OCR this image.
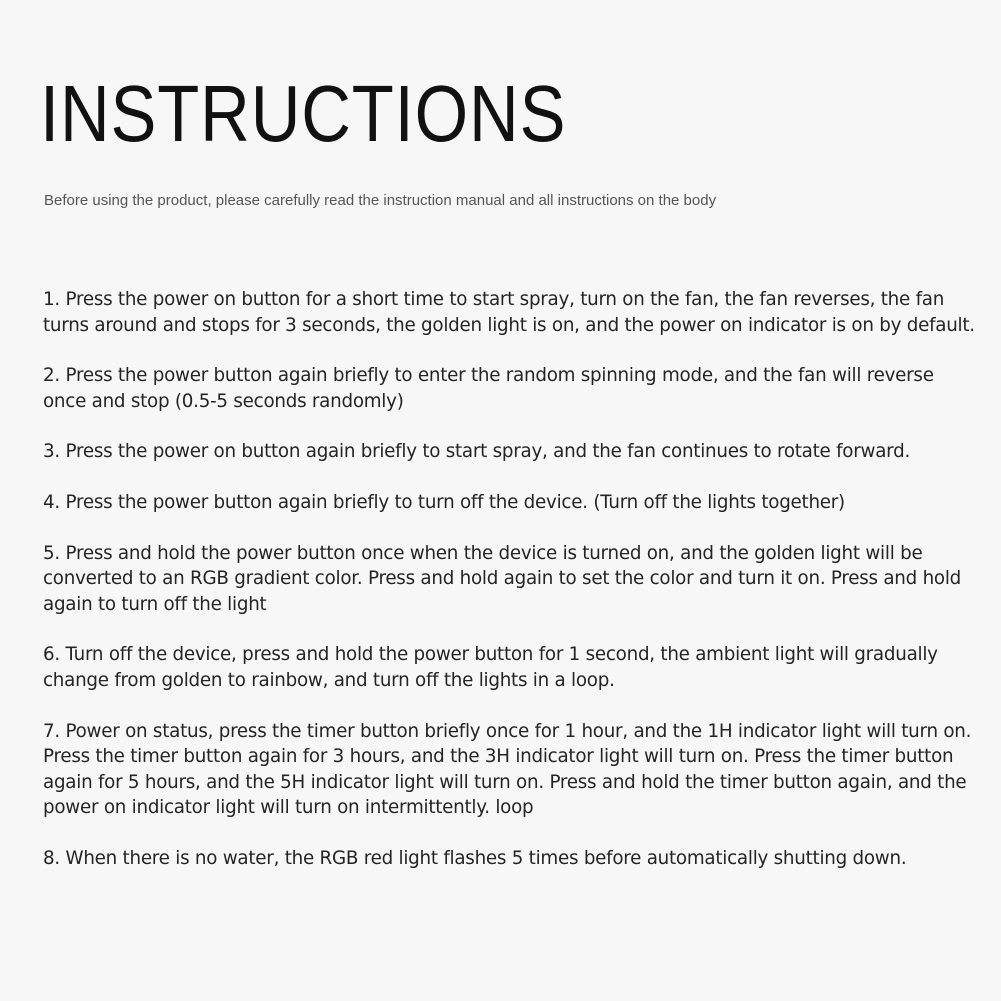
INSTRUCTIONS

Before using the product, please carefully read the instruction manual and all instructions on the body

1. Press the power on button for a short time to start spray, turn on the fan, the fan reverses, the fan turns around and stops for 3 seconds, the golden light is on, and the power on indicator is on by default.
2. Press the power button again briefly to enter the random spinning mode, and the fan will reverse once and stop (0.5-5 seconds randomly)
3. Press the power on button again briefly to start spray, and the fan continues to rotate forward.
4. Press the power button again briefly to turn off the device. (Turn off the lights together)
5. Press and hold the power button once when the device is turned on, and the golden light will be converted to an RGB gradient color. Press and hold again to set the color and turn it on. Press and hold again to turn off the light
6. Turn off the device, press and hold the power button for 1 second, the ambient light will gradually change from golden to rainbow, and turn off the lights in a loop.
7. Power on status, press the timer button briefly once for 1 hour, and the 1H indicator light will turn on. Press the timer button again for 3 hours, and the 3H indicator light will turn on. Press the timer button again for 5 hours, and the 5H indicator light will turn on. Press and hold the timer button again, and the power on indicator light will turn on intermittently. loop
8. When there is no water, the RGB red light flashes 5 times before automatically shutting down.
